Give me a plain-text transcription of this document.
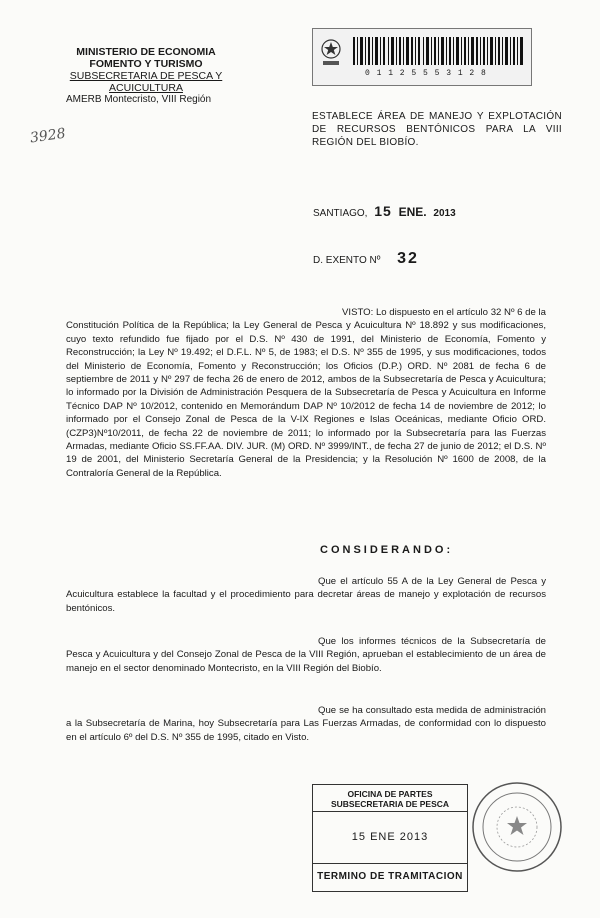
MINISTERIO DE ECONOMIA
FOMENTO Y TURISMO
SUBSECRETARIA DE PESCA Y
ACUICULTURA
AMERB Montecristo, VIII Región
3928
0 1 1 2 5 5 5 3 1 2 8
ESTABLECE ÁREA DE MANEJO Y EXPLOTACIÓN DE RECURSOS BENTÓNICOS PARA LA VIII REGIÓN DEL BIOBÍO.
SANTIAGO, 15 ENE. 2013
D. EXENTO Nº 32
VISTO: Lo dispuesto en el artículo 32 Nº 6 de la Constitución Política de la República; la Ley General de Pesca y Acuicultura Nº 18.892 y sus modificaciones, cuyo texto refundido fue fijado por el D.S. Nº 430 de 1991, del Ministerio de Economía, Fomento y Reconstrucción; la Ley Nº 19.492; el D.F.L. Nº 5, de 1983; el D.S. Nº 355 de 1995, y sus modificaciones, todos del Ministerio de Economía, Fomento y Reconstrucción; los Oficios (D.P.) ORD. Nº 2081 de fecha 6 de septiembre de 2011 y Nº 297 de fecha 26 de enero de 2012, ambos de la Subsecretaría de Pesca y Acuicultura; lo informado por la División de Administración Pesquera de la Subsecretaría de Pesca y Acuicultura en Informe Técnico DAP Nº 10/2012, contenido en Memorándum DAP Nº 10/2012 de fecha 14 de noviembre de 2012; lo informado por el Consejo Zonal de Pesca de la V-IX Regiones e Islas Oceánicas, mediante Oficio ORD.(CZP3)Nº10/2011, de fecha 22 de noviembre de 2011; lo informado por la Subsecretaría para las Fuerzas Armadas, mediante Oficio SS.FF.AA. DIV. JUR. (M) ORD. Nº 3999/INT., de fecha 27 de junio de 2012; el D.S. Nº 19 de 2001, del Ministerio Secretaría General de la Presidencia; y la Resolución Nº 1600 de 2008, de la Contraloría General de la República.
CONSIDERANDO:
Que el artículo 55 A de la Ley General de Pesca y Acuicultura establece la facultad y el procedimiento para decretar áreas de manejo y explotación de recursos bentónicos.
Que los informes técnicos de la Subsecretaría de Pesca y Acuicultura y del Consejo Zonal de Pesca de la VIII Región, aprueban el establecimiento de un área de manejo en el sector denominado Montecristo, en la VIII Región del Biobío.
Que se ha consultado esta medida de administración a la Subsecretaría de Marina, hoy Subsecretaría para Las Fuerzas Armadas, de conformidad con lo dispuesto en el artículo 6º del D.S. Nº 355 de 1995, citado en Visto.
OFICINA DE PARTES
SUBSECRETARIA DE PESCA
15 ENE 2013
TERMINO DE TRAMITACION
